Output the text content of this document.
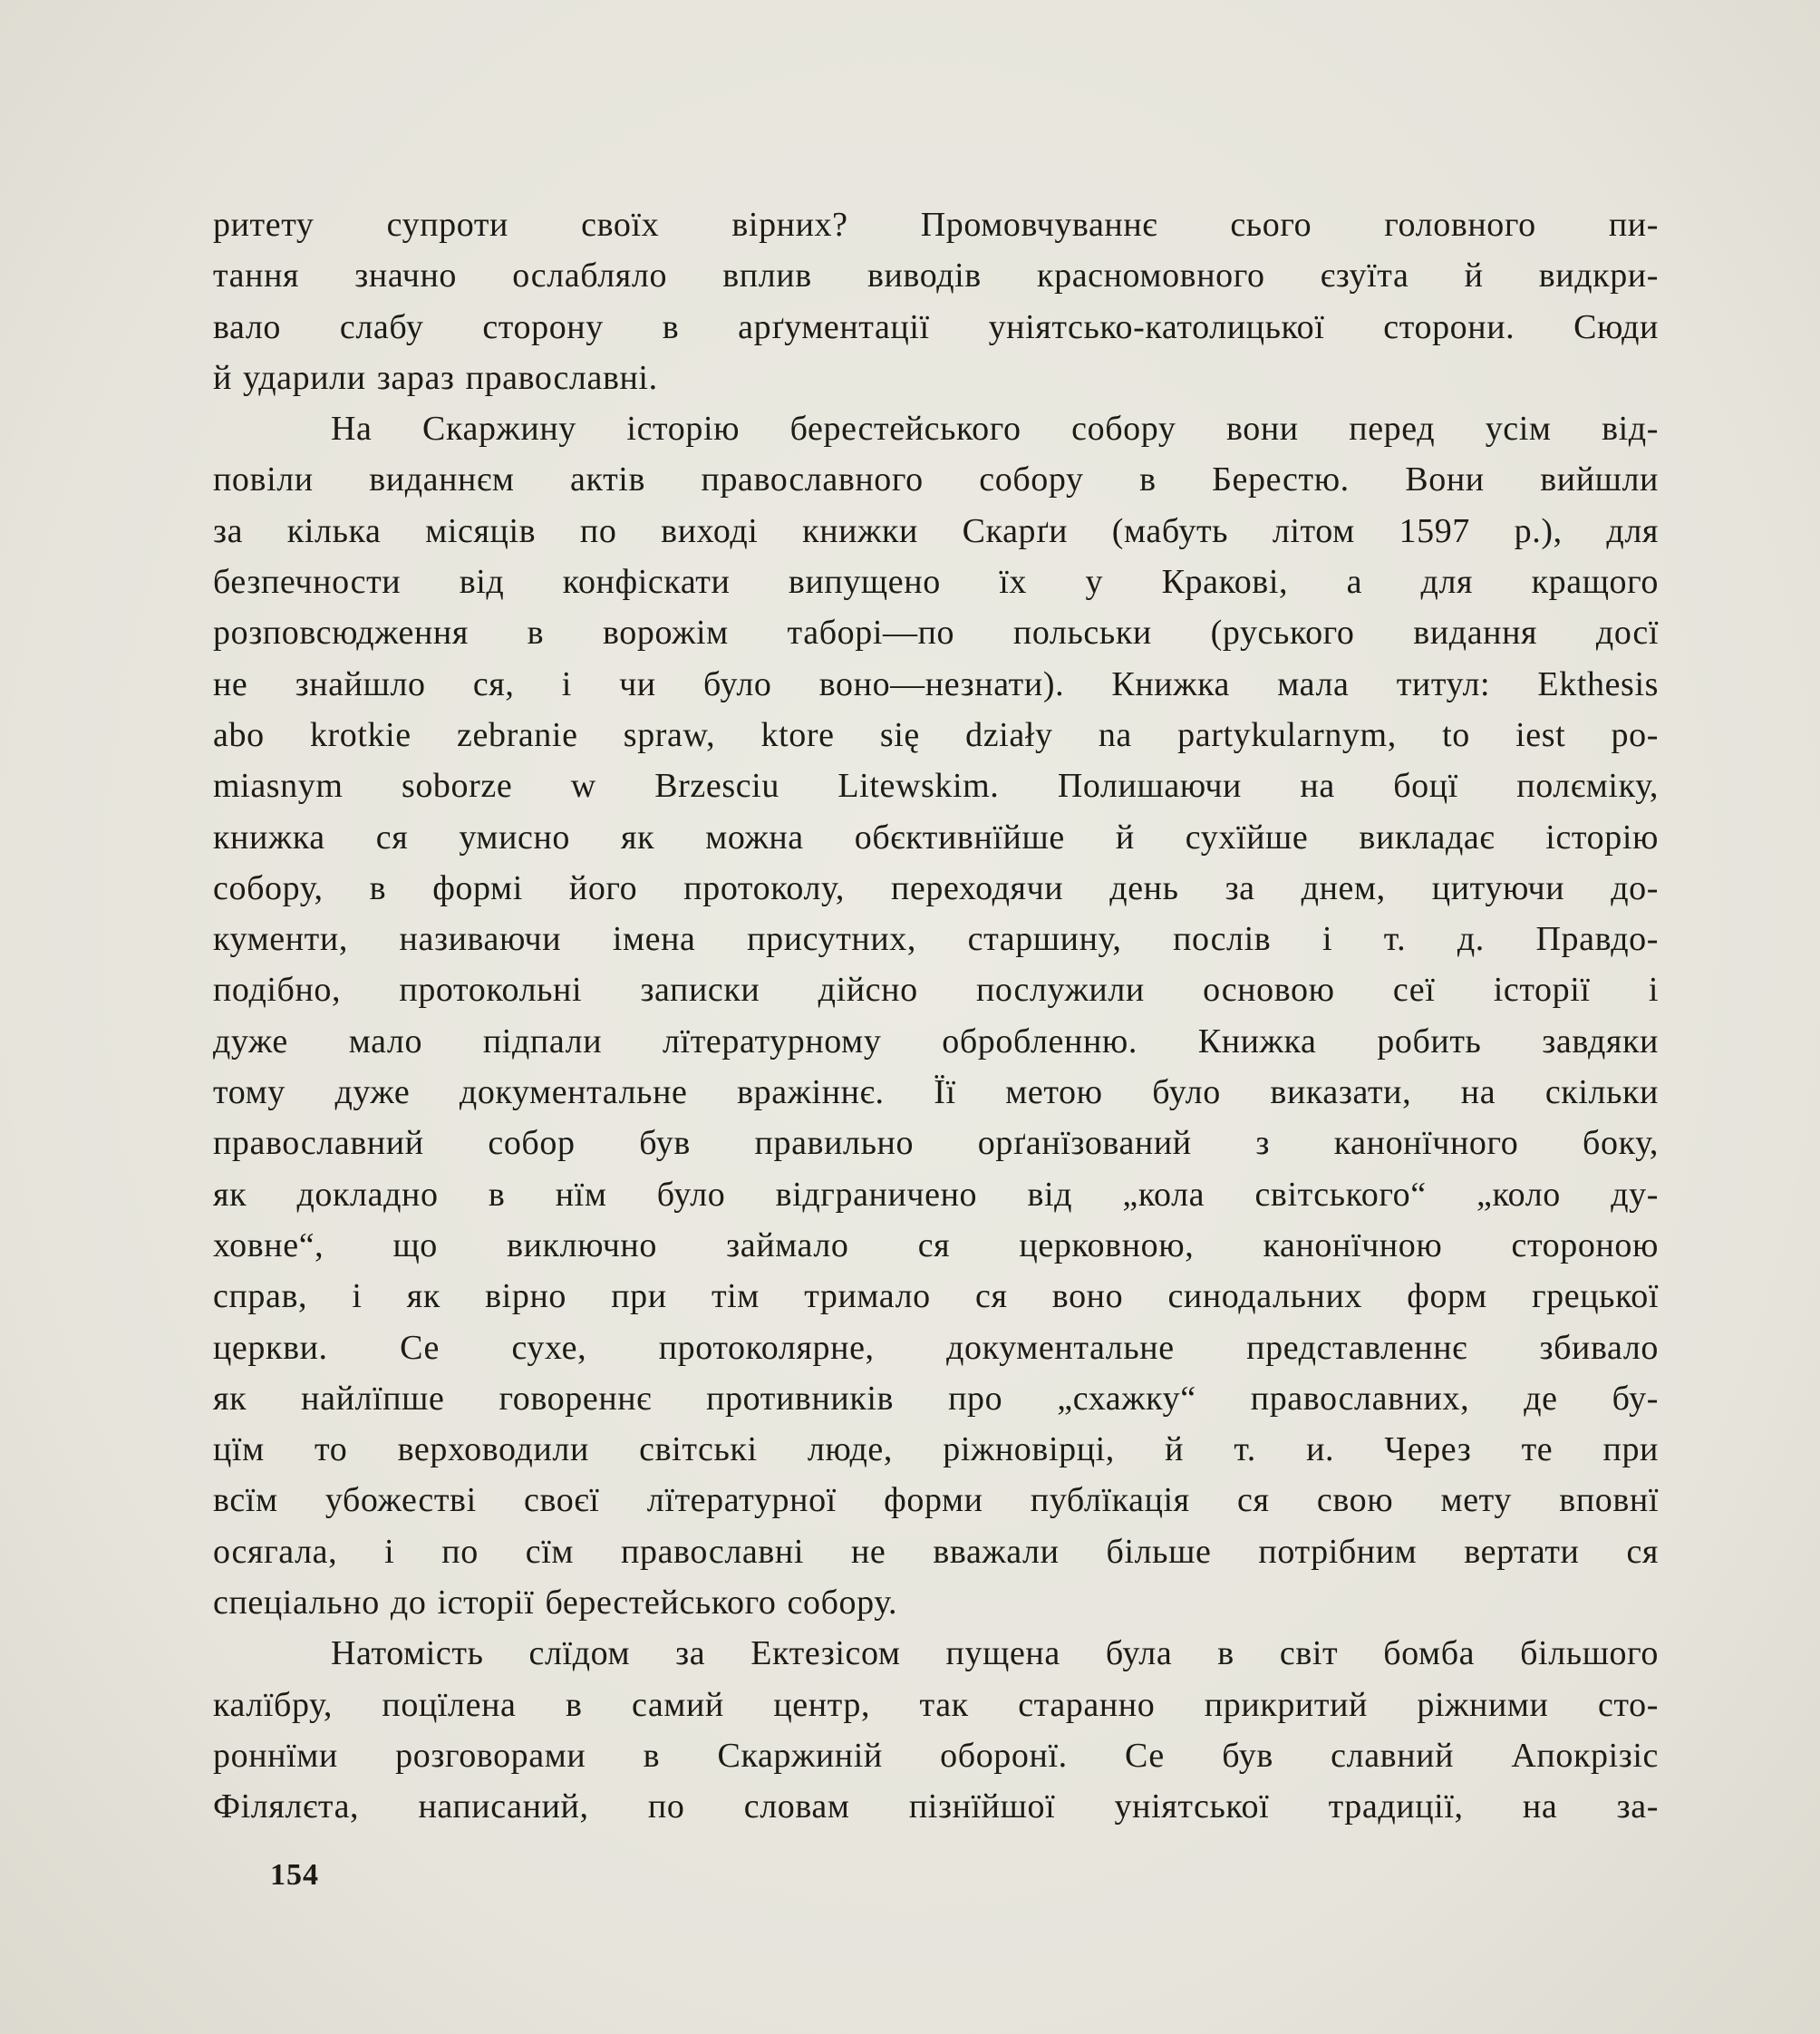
ритету супроти своїх вірних? Промовчуваннє сього головного пи-
тання значно ослабляло вплив виводів красномовного єзуїта й видкри-
вало слабу сторону в арґументації уніятсько-католицької сторони. Сюди
й ударили зараз православні.
На Скаржину історію берестейського собору вони перед усім від-
повіли виданнєм актів православного собору в Берестю. Вони вийшли
за кілька місяців по виході книжки Скарґи (мабуть літом 1597 р.), для
безпечности від конфіскати випущено їх у Кракові, а для кращого
розповсюдження в ворожім таборі—по польськи (руського видання досї
не знайшло ся, і чи було воно—незнати). Книжка мала титул: Ekthesis
abo krotkie zebranie spraw, ktore się działy na partykularnym, to iest po-
miasnym soborze w Brzesciu Litewskim. Полишаючи на боцї полєміку,
книжка ся умисно як можна обєктивнїйше й сухїйше викладає історію
собору, в формі його протоколу, переходячи день за днем, цитуючи до-
кументи, називаючи імена присутних, старшину, послів і т. д. Правдо-
подібно, протокольні записки дійсно послужили основою сеї історії і
дуже мало підпали лїтературному обробленню. Книжка робить завдяки
тому дуже документальне вражіннє. Її метою було виказати, на скільки
православний собор був правильно орґанїзований з канонїчного боку,
як докладно в нїм було відграничено від „кола світського“ „коло ду-
ховне“, що виключно займало ся церковною, канонїчною стороною
справ, і як вірно при тім тримало ся воно синодальних форм грецької
церкви. Се сухе, протоколярне, документальне представленнє збивало
як найлїпше говореннє противників про „схажку“ православних, де бу-
цїм то верховодили світські люде, ріжновірці, й т. и. Через те при
всїм убожестві своєї лїтературної форми публїкація ся свою мету вповнї
осягала, і по сїм православні не вважали більше потрібним вертати ся
спеціально до історії берестейського собору.
Натомість слїдом за Ектезісом пущена була в світ бомба більшого
калїбру, поцїлена в самий центр, так старанно прикритий ріжними сто-
роннїми розговорами в Скаржиній оборонї. Се був славний Апокрізіс
Філялєта, написаний, по словам пізнїйшої уніятської традиції, на за-
154
